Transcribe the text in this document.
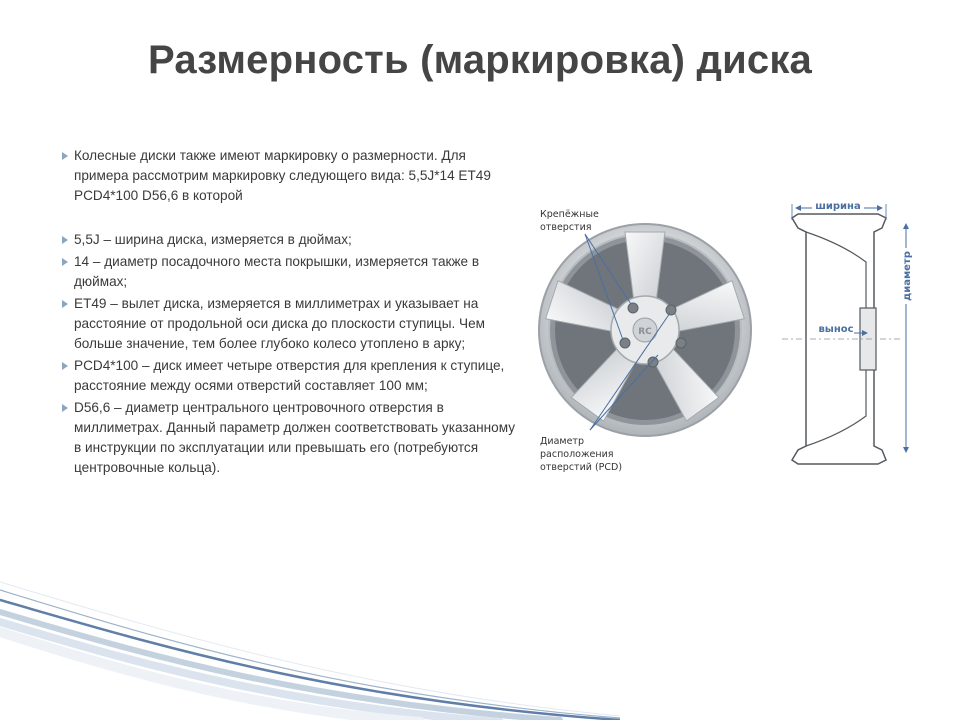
Размерность (маркировка) диска
Колесные диски также имеют маркировку о размерности. Для примера рассмотрим маркировку следующего вида: 5,5J*14 ET49 PCD4*100 D56,6 в которой
5,5J – ширина диска, измеряется в дюймах;
14 – диаметр посадочного места покрышки, измеряется также в дюймах;
ET49 – вылет диска, измеряется в миллиметрах и указывает на расстояние от продольной оси диска до плоскости ступицы. Чем больше значение, тем более глубоко колесо утоплено в арку;
PCD4*100 – диск имеет четыре отверстия для крепления к ступице, расстояние между осями отверстий составляет 100 мм;
D56,6 – диаметр центрального центровочного отверстия в миллиметрах. Данный параметр должен соответствовать указанному в инструкции по эксплуатации или превышать его (потребуются центровочные кольца).
RC
Крепёжные
отверстия
Диаметр
расположения
отверстий (PCD)
ширина
диаметр
вынос
